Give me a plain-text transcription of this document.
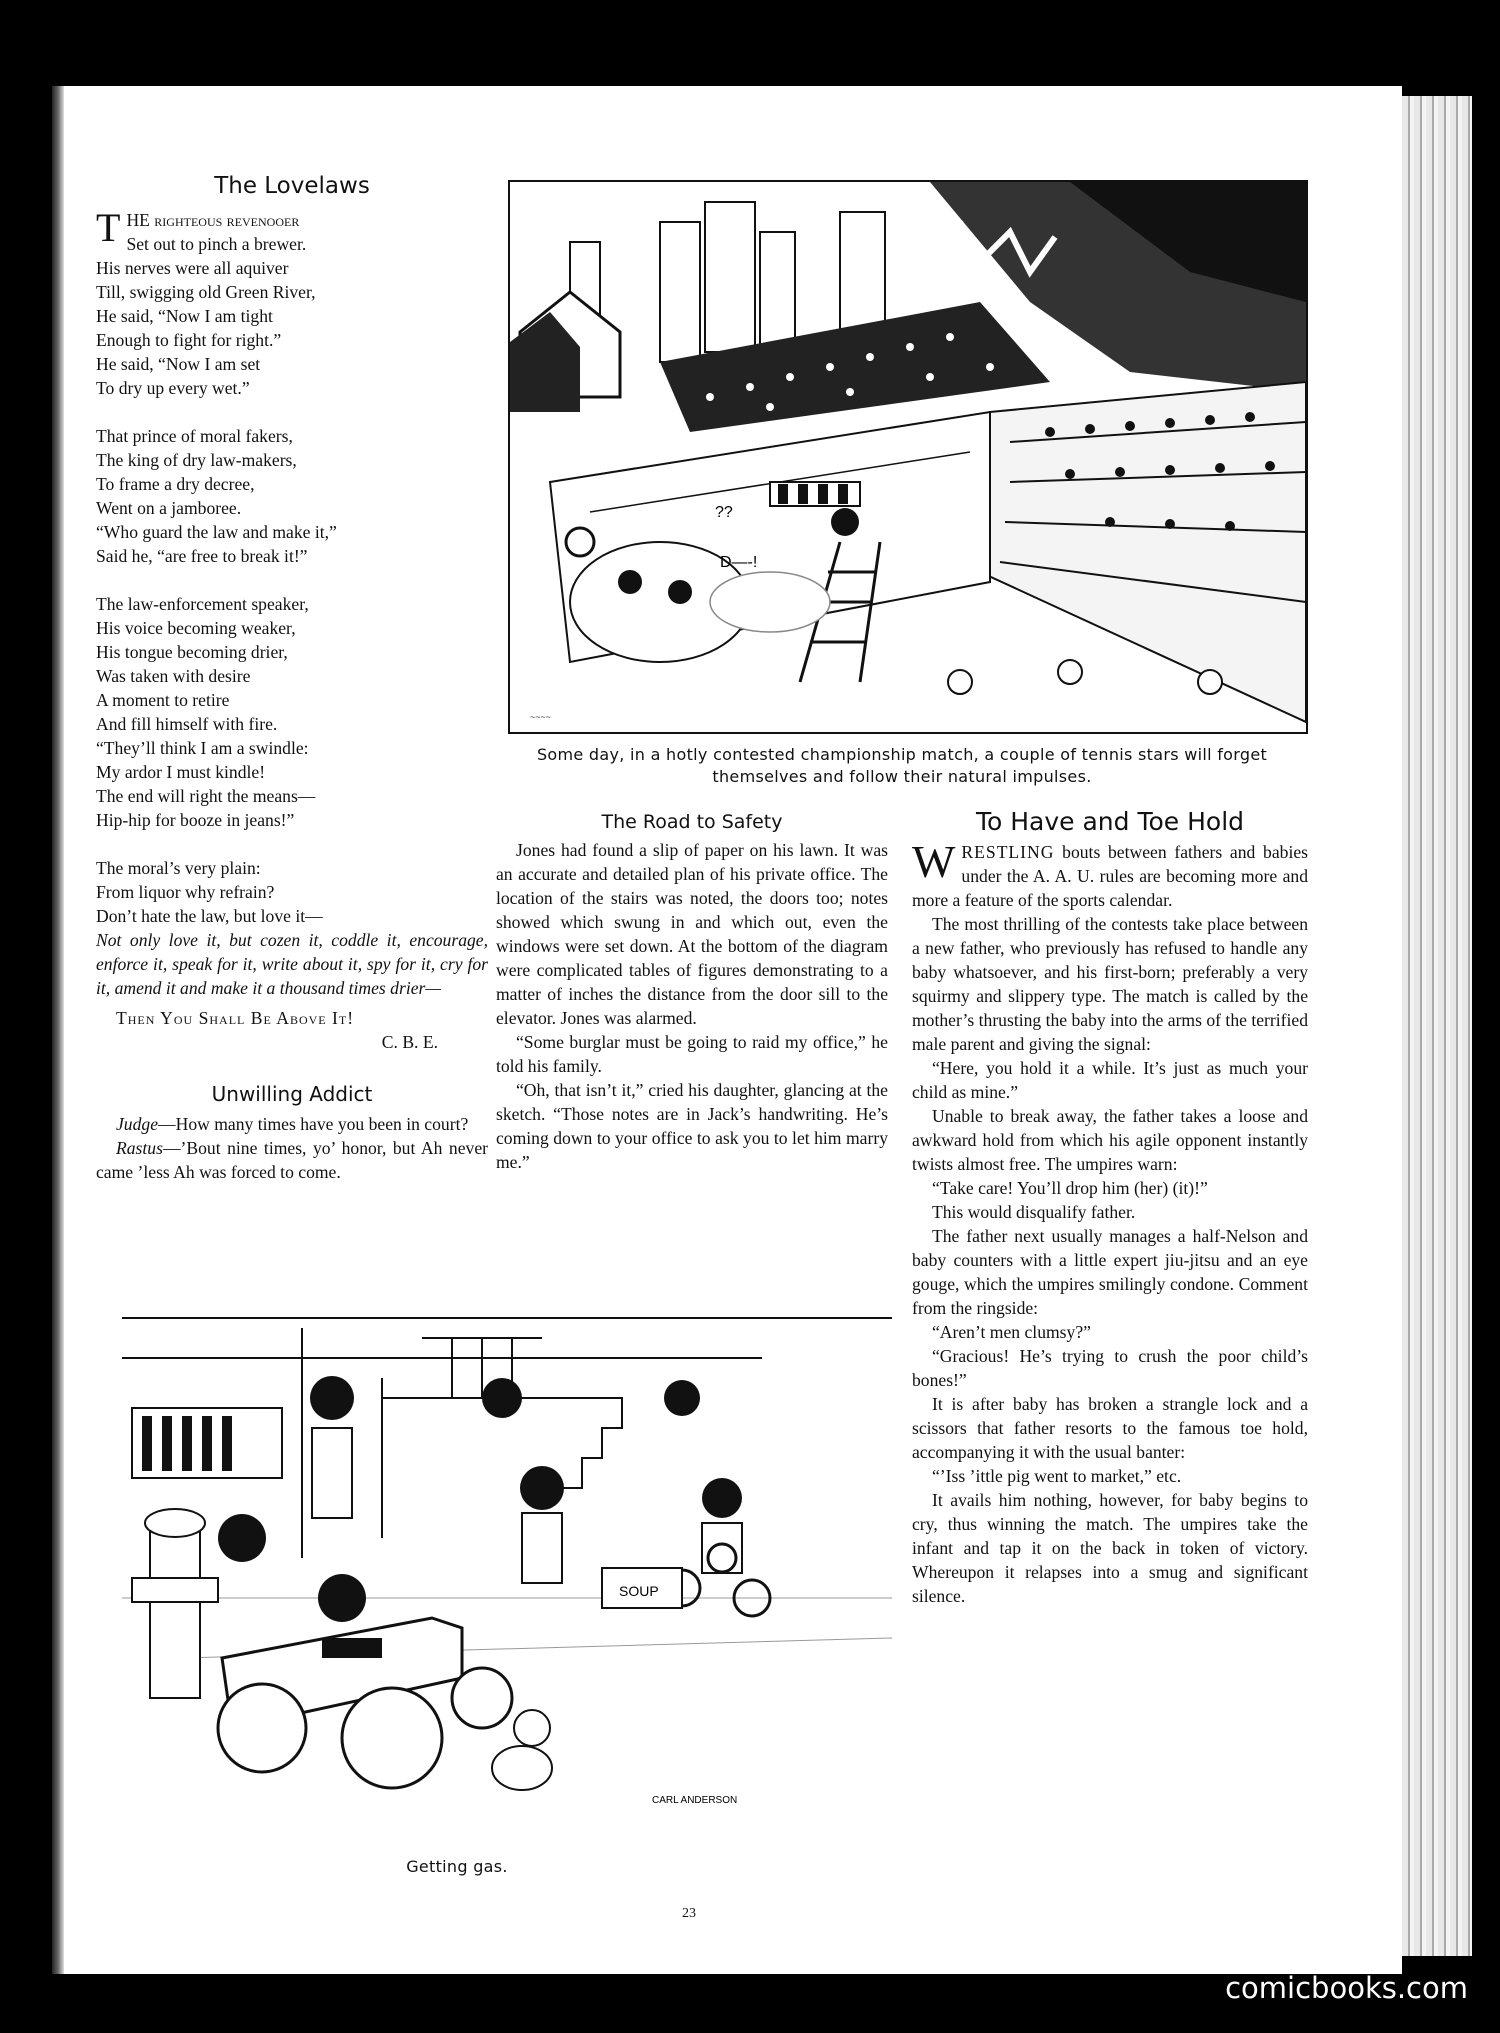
The Lovelaws
T HE righteous revenooer

Set out to pinch a brewer.

His nerves were all aquiver

Till, swigging old Green River,

He said, “Now I am tight

Enough to fight for right.”

He said, “Now I am set

To dry up every wet.”

That prince of moral fakers,

The king of dry law-makers,

To frame a dry decree,

Went on a jamboree.

“Who guard the law and make it,”

Said he, “are free to break it!”

The law-enforcement speaker,

His voice becoming weaker,

His tongue becoming drier,

Was taken with desire

A moment to retire

And fill himself with fire.

“They’ll think I am a swindle:

My ardor I must kindle!

The end will right the means—

Hip-hip for booze in jeans!”

The moral’s very plain:

From liquor why refrain?

Don’t hate the law, but love it—

Not only love it, but cozen it, coddle it, encourage, enforce it, speak for it, write about it, spy for it, cry for it, amend it and make it a thousand times drier—

Then You Shall Be Above It!

C. B. E.

Unwilling Addict

Judge—How many times have you been in court?

Rastus—’Bout nine times, yo’ honor, but Ah never came ’less Ah was forced to come.

??
D—-!
~~~~
Some day, in a hotly contested championship match, a couple of tennis stars will forget themselves and follow their natural impulses.
The Road to Safety

Jones had found a slip of paper on his lawn. It was an accurate and detailed plan of his private office. The location of the stairs was noted, the doors too; notes showed which swung in and which out, even the windows were set down. At the bottom of the diagram were complicated tables of figures demonstrating to a matter of inches the distance from the door sill to the elevator. Jones was alarmed.

“Some burglar must be going to raid my office,” he told his family.

“Oh, that isn’t it,” cried his daughter, glancing at the sketch. “Those notes are in Jack’s handwriting. He’s coming down to your office to ask you to let him marry me.”

To Have and Toe Hold

WRESTLING bouts between fathers and babies under the A. A. U. rules are becoming more and more a feature of the sports calendar.

The most thrilling of the contests take place between a new father, who previously has refused to handle any baby whatsoever, and his first-born; preferably a very squirmy and slippery type. The match is called by the mother’s thrusting the baby into the arms of the terrified male parent and giving the signal:

“Here, you hold it a while. It’s just as much your child as mine.”

Unable to break away, the father takes a loose and awkward hold from which his agile opponent instantly twists almost free. The umpires warn:

“Take care! You’ll drop him (her) (it)!”

This would disqualify father.

The father next usually manages a half-Nelson and baby counters with a little expert jiu-jitsu and an eye gouge, which the umpires smilingly condone. Comment from the ringside:

“Aren’t men clumsy?”

“Gracious! He’s trying to crush the poor child’s bones!”

It is after baby has broken a strangle lock and a scissors that father resorts to the famous toe hold, accompanying it with the usual banter:

“’Iss ’ittle pig went to market,” etc.

It avails him nothing, however, for baby begins to cry, thus winning the match. The umpires take the infant and tap it on the back in token of victory. Whereupon it relapses into a smug and significant silence.

SOUP
CARL ANDERSON
Getting gas.
23
comicbooks.com
